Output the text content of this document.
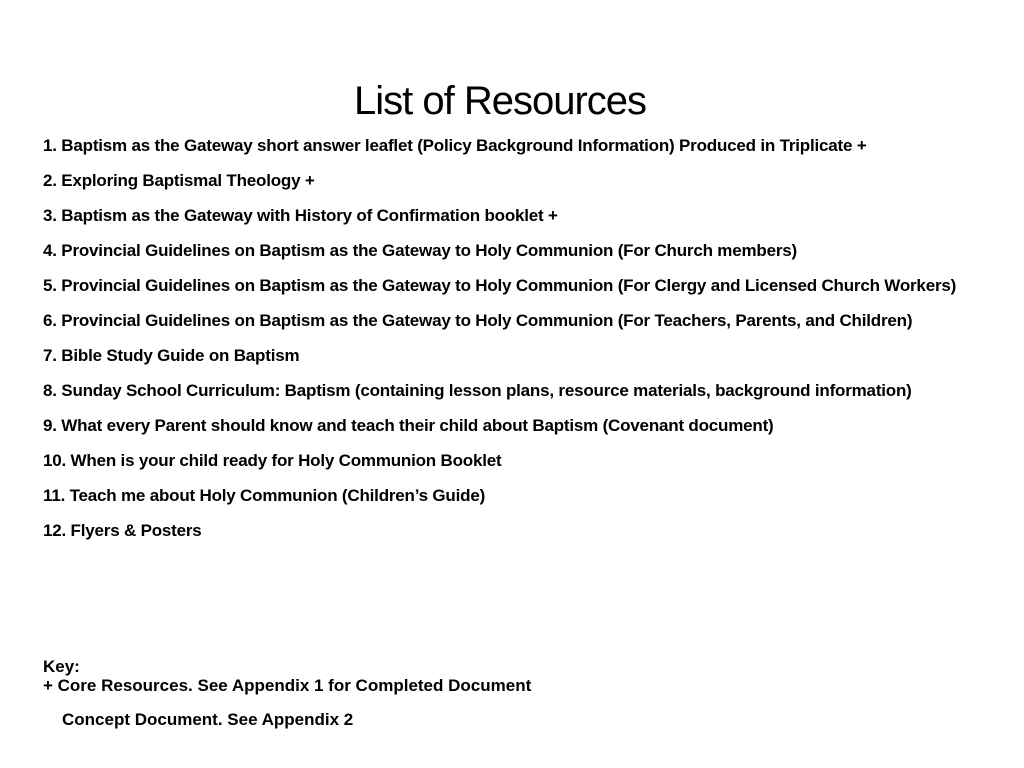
List of Resources
1. Baptism as the Gateway short answer leaflet (Policy Background Information) Produced in Triplicate +
2. Exploring Baptismal Theology +
3. Baptism as the Gateway with History of Confirmation booklet +
4. Provincial Guidelines on Baptism as the Gateway to Holy Communion (For Church members)
5. Provincial Guidelines on Baptism as the Gateway to Holy Communion (For Clergy and Licensed Church Workers)
6. Provincial Guidelines on Baptism as the Gateway to Holy Communion (For Teachers, Parents, and Children)
7. Bible Study Guide on Baptism
8. Sunday School Curriculum: Baptism (containing lesson plans, resource materials, background information)
9. What every Parent should know and teach their child about Baptism (Covenant document)
10. When is your child ready for Holy Communion Booklet
11. Teach me about Holy Communion (Children’s Guide)
12. Flyers & Posters

Key:

+ Core Resources. See Appendix 1 for Completed Document

Concept Document. See Appendix 2
